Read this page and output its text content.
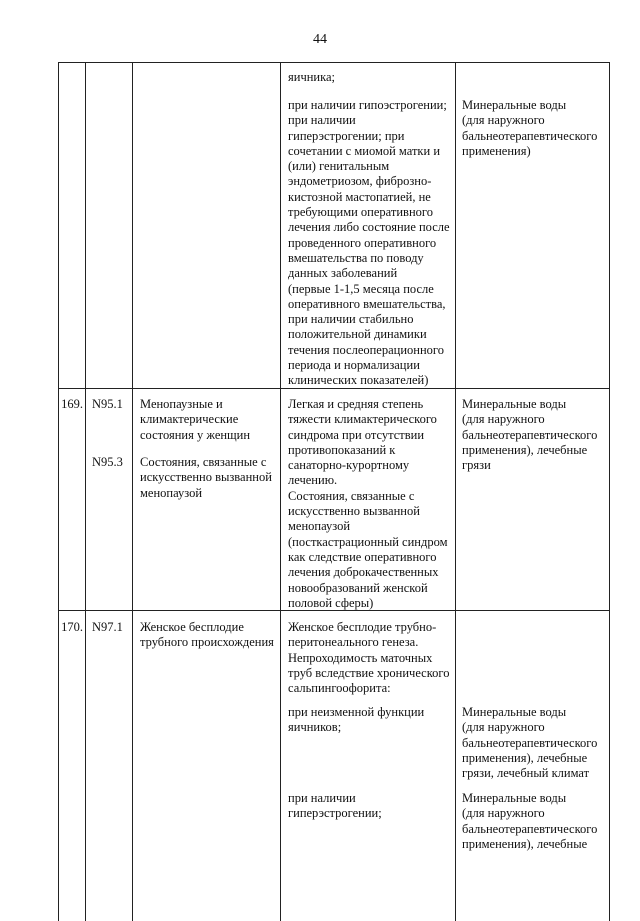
44
яичника;
при наличии гипоэстрогении;
при наличии
гиперэстрогении; при
сочетании с миомой матки и
(или) генитальным
эндометриозом, фиброзно-
кистозной мастопатией, не
требующими оперативного
лечения либо состояние после
проведенного оперативного
вмешательства по поводу
данных заболеваний
(первые 1-1,5 месяца после
оперативного вмешательства,
при наличии стабильно
положительной динамики
течения послеоперационного
периода и нормализации
клинических показателей)
Минеральные воды
(для наружного
бальнеотерапевтического
применения)
169. N95.1
N95.3
Менопаузные и
климактерические
состояния у женщин
Состояния, связанные с
искусственно вызванной
менопаузой
Легкая и средняя степень
тяжести климактерического
синдрома при отсутствии
противопоказаний к
санаторно-курортному
лечению.
Состояния, связанные с
искусственно вызванной
менопаузой
(посткастрационный синдром
как следствие оперативного
лечения доброкачественных
новообразований женской
половой сферы)
Минеральные воды
(для наружного
бальнеотерапевтического
применения), лечебные
грязи
170. N97.1	Женское бесплодие
трубного происхождения
Женское бесплодие трубно-
перитонеального генеза.
Непроходимость маточных
труб вследствие хронического
сальпингоофорита:
при неизменной функции
яичников;
Минеральные воды
(для наружного
бальнеотерапевтического
применения), лечебные
грязи, лечебный климат
при наличии
гиперэстрогении;
Минеральные воды
(для наружного
бальнеотерапевтического
применения), лечебные
